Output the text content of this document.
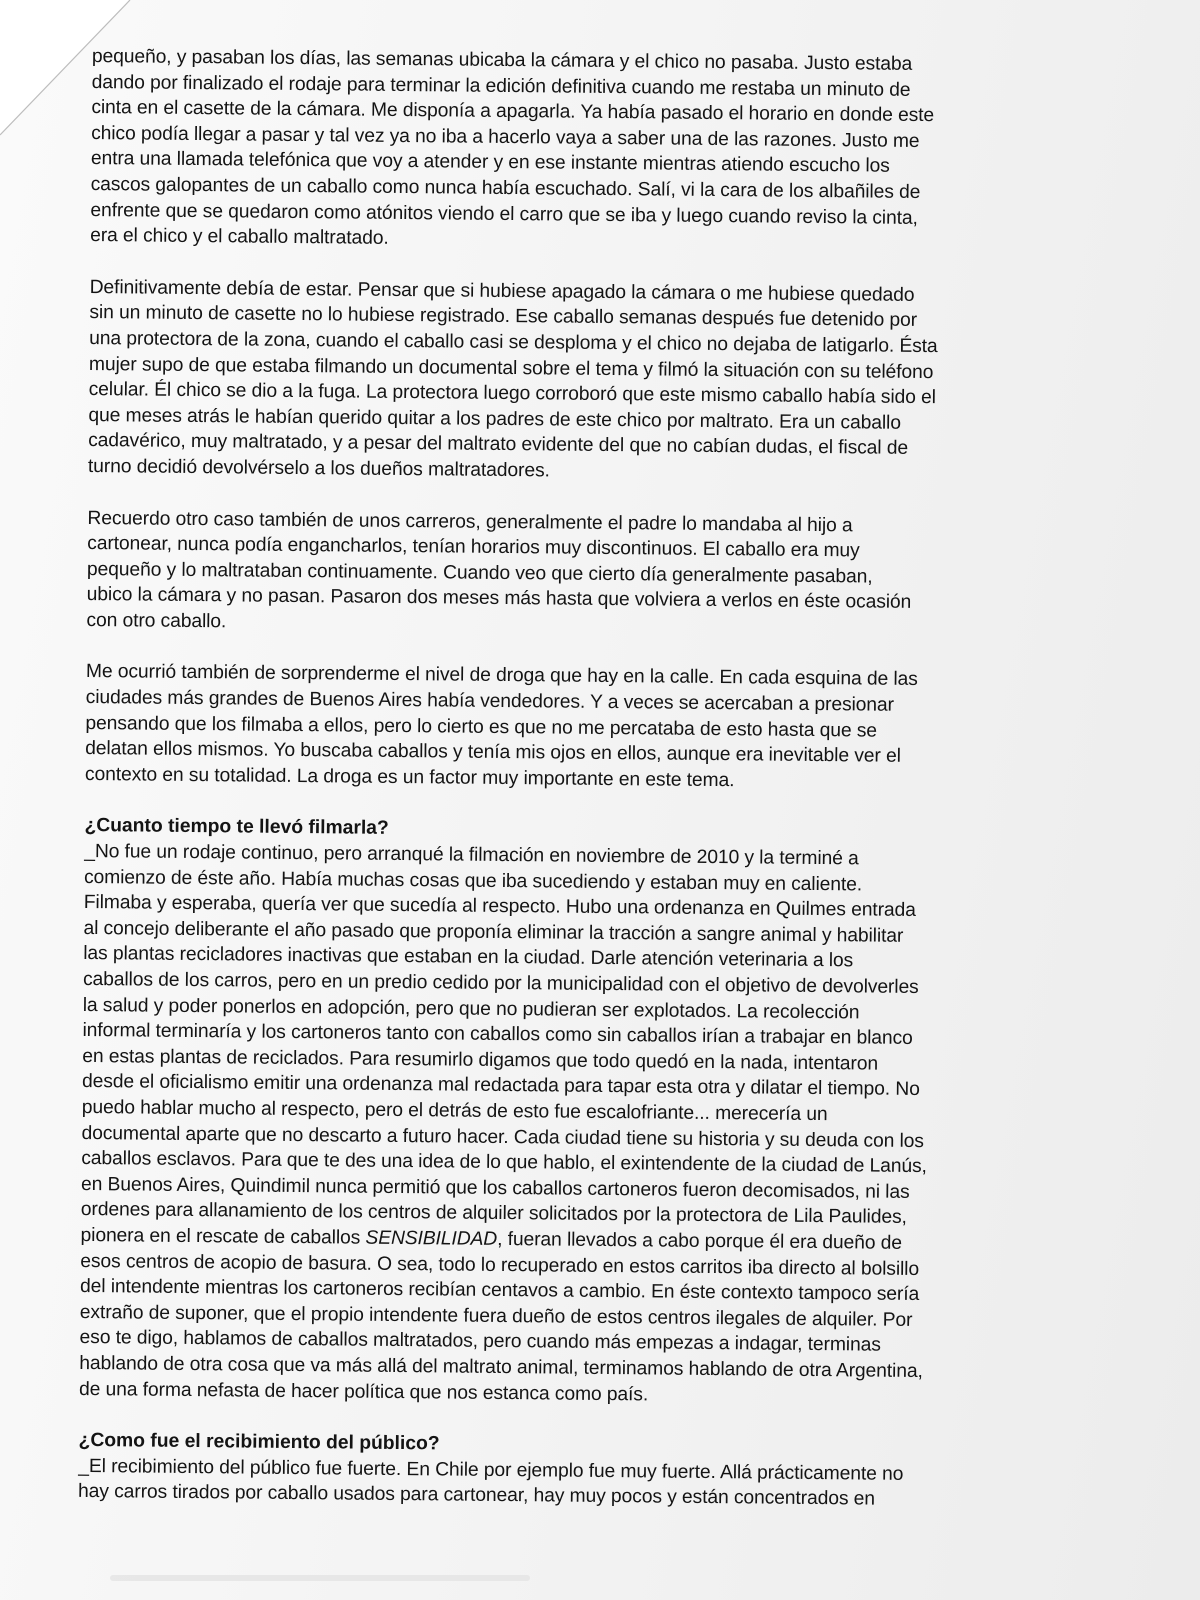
pequeño, y pasaban los días, las semanas ubicaba la cámara y el chico no pasaba. Justo estaba
dando por finalizado el rodaje para terminar la edición definitiva cuando me restaba un minuto de
cinta en el casette de la cámara. Me disponía a apagarla. Ya había pasado el horario en donde este
chico podía llegar a pasar y tal vez ya no iba a hacerlo vaya a saber una de las razones. Justo me
entra una llamada telefónica que voy a atender y en ese instante mientras atiendo escucho los
cascos galopantes de un caballo como nunca había escuchado. Salí, vi la cara de los albañiles de
enfrente que se quedaron como atónitos viendo el carro que se iba y luego cuando reviso la cinta,
era el chico y el caballo maltratado.

Definitivamente debía de estar. Pensar que si hubiese apagado la cámara o me hubiese quedado
sin un minuto de casette no lo hubiese registrado. Ese caballo semanas después fue detenido por
una protectora de la zona, cuando el caballo casi se desploma y el chico no dejaba de latigarlo. Ésta
mujer supo de que estaba filmando un documental sobre el tema y filmó la situación con su teléfono
celular. Él chico se dio a la fuga. La protectora luego corroboró que este mismo caballo había sido el
que meses atrás le habían querido quitar a los padres de este chico por maltrato. Era un caballo
cadavérico, muy maltratado, y a pesar del maltrato evidente del que no cabían dudas, el fiscal de
turno decidió devolvérselo a los dueños maltratadores.

Recuerdo otro caso también de unos carreros, generalmente el padre lo mandaba al hijo a
cartonear, nunca podía engancharlos, tenían horarios muy discontinuos. El caballo era muy
pequeño y lo maltrataban continuamente. Cuando veo que cierto día generalmente pasaban,
ubico la cámara y no pasan. Pasaron dos meses más hasta que volviera a verlos en éste ocasión
con otro caballo.

Me ocurrió también de sorprenderme el nivel de droga que hay en la calle. En cada esquina de las
ciudades más grandes de Buenos Aires había vendedores. Y a veces se acercaban a presionar
pensando que los filmaba a ellos, pero lo cierto es que no me percataba de esto hasta que se
delatan ellos mismos. Yo buscaba caballos y tenía mis ojos en ellos, aunque era inevitable ver el
contexto en su totalidad. La droga es un factor muy importante en este tema.

¿Cuanto tiempo te llevó filmarla?

_No fue un rodaje continuo, pero arranqué la filmación en noviembre de 2010 y la terminé a
comienzo de éste año. Había muchas cosas que iba sucediendo y estaban muy en caliente.
Filmaba y esperaba, quería ver que sucedía al respecto. Hubo una ordenanza en Quilmes entrada
al concejo deliberante el año pasado que proponía eliminar la tracción a sangre animal y habilitar
las plantas recicladores inactivas que estaban en la ciudad. Darle atención veterinaria a los
caballos de los carros, pero en un predio cedido por la municipalidad con el objetivo de devolverles
la salud y poder ponerlos en adopción, pero que no pudieran ser explotados. La recolección
informal terminaría y los cartoneros tanto con caballos como sin caballos irían a trabajar en blanco
en estas plantas de reciclados. Para resumirlo digamos que todo quedó en la nada, intentaron
desde el oficialismo emitir una ordenanza mal redactada para tapar esta otra y dilatar el tiempo. No
puedo hablar mucho al respecto, pero el detrás de esto fue escalofriante... merecería un
documental aparte que no descarto a futuro hacer. Cada ciudad tiene su historia y su deuda con los
caballos esclavos. Para que te des una idea de lo que hablo, el exintendente de la ciudad de Lanús,
en Buenos Aires, Quindimil nunca permitió que los caballos cartoneros fueron decomisados, ni las
ordenes para allanamiento de los centros de alquiler solicitados por la protectora de Lila Paulides,
pionera en el rescate de caballos SENSIBILIDAD, fueran llevados a cabo porque él era dueño de
esos centros de acopio de basura. O sea, todo lo recuperado en estos carritos iba directo al bolsillo
del intendente mientras los cartoneros recibían centavos a cambio. En éste contexto tampoco sería
extraño de suponer, que el propio intendente fuera dueño de estos centros ilegales de alquiler. Por
eso te digo, hablamos de caballos maltratados, pero cuando más empezas a indagar, terminas
hablando de otra cosa que va más allá del maltrato animal, terminamos hablando de otra Argentina,
de una forma nefasta de hacer política que nos estanca como país.

¿Como fue el recibimiento del público?

_El recibimiento del público fue fuerte. En Chile por ejemplo fue muy fuerte. Allá prácticamente no
hay carros tirados por caballo usados para cartonear, hay muy pocos y están concentrados en
